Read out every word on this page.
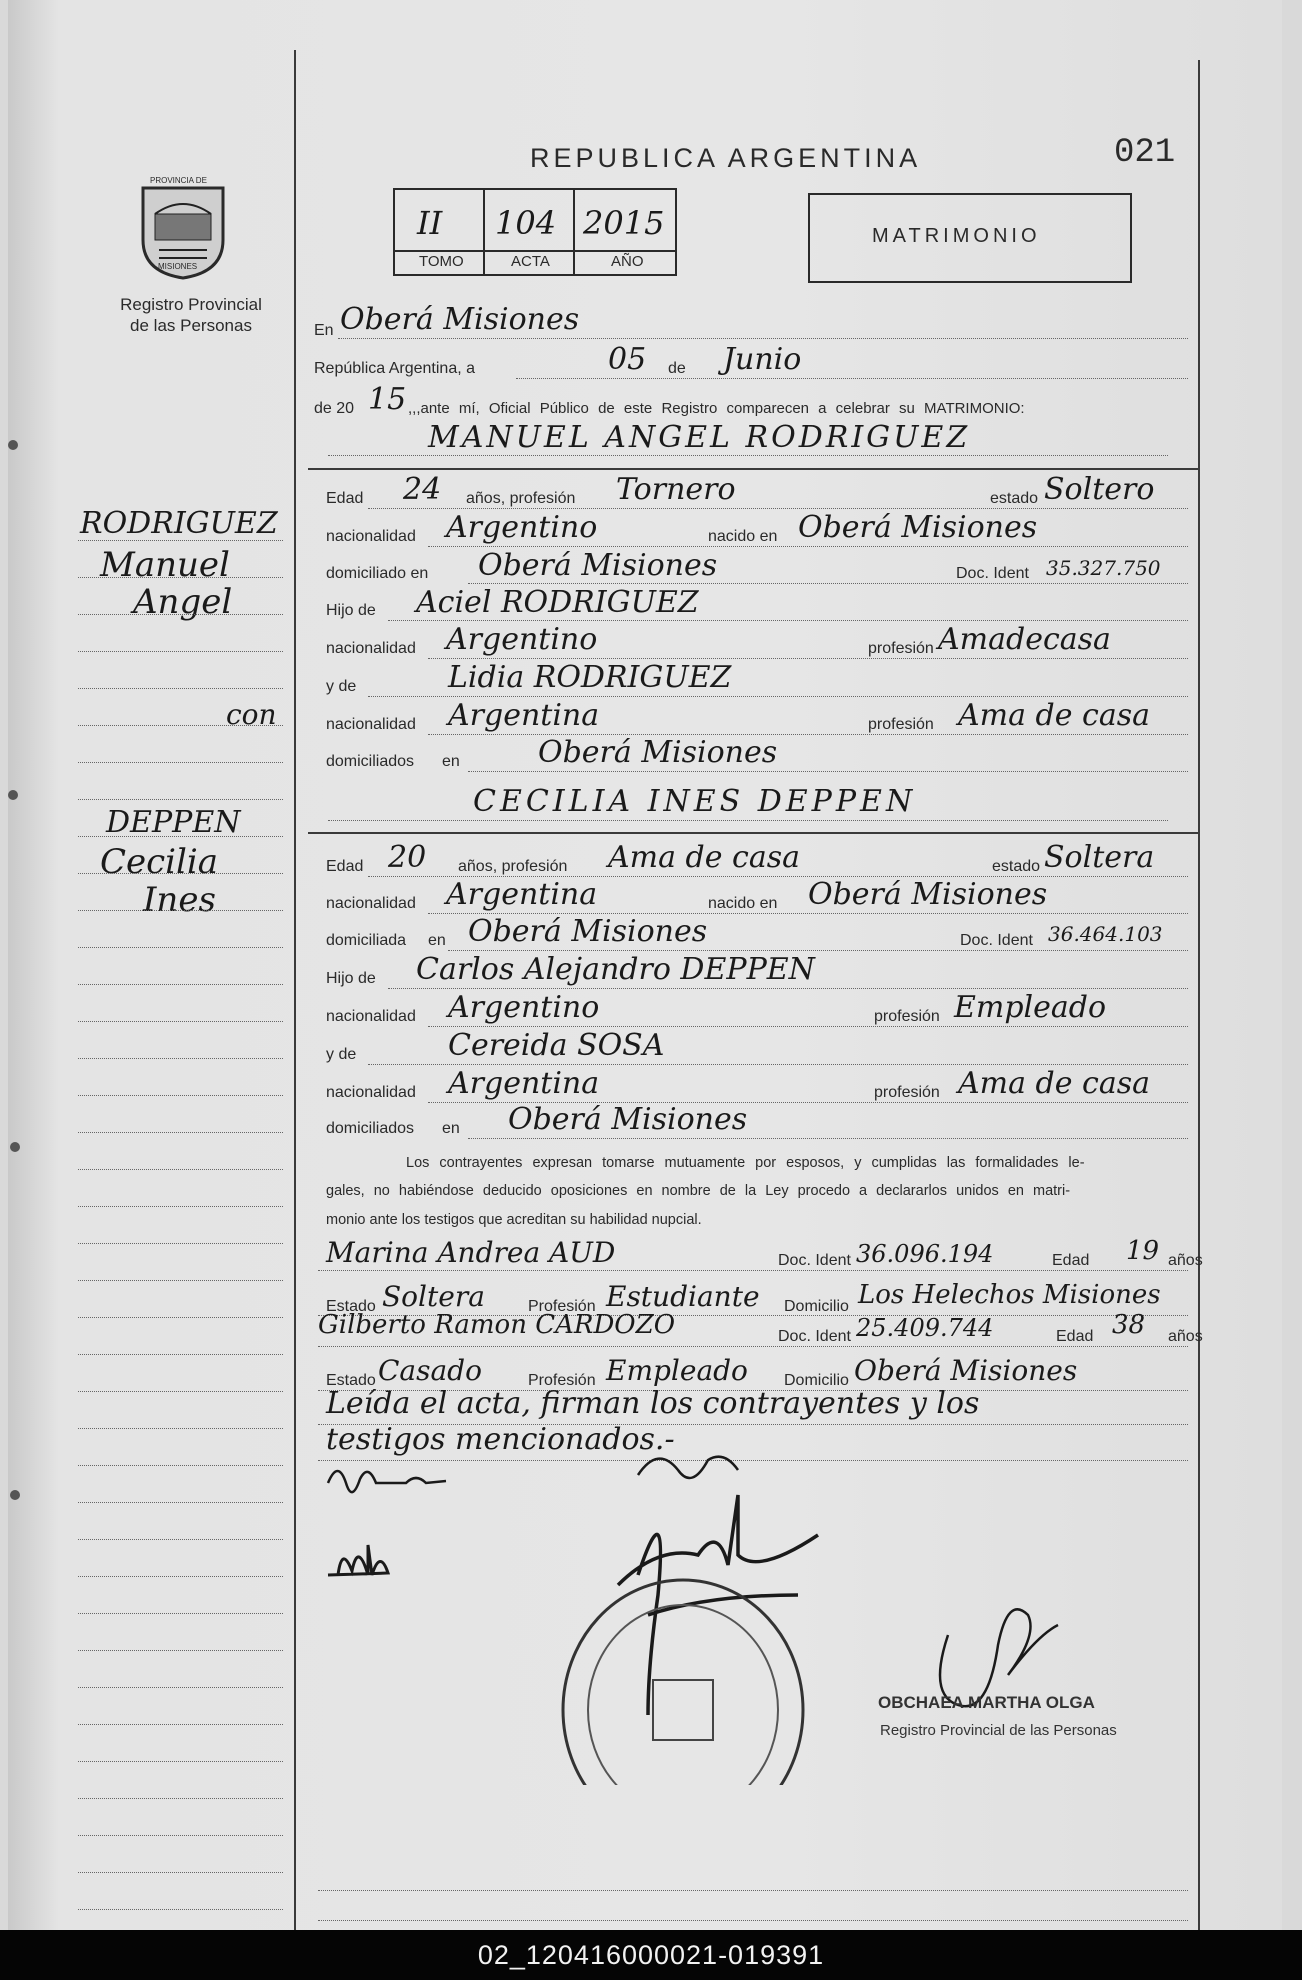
PROVINCIA DE
MISIONES
Registro Provincial
de las Personas
REPUBLICA ARGENTINA	021
II 104 2015
TOMO	ACTA	AÑO
MATRIMONIO
En Oberá Misiones
República Argentina, a	05 de Junio
de 20 15 ,,,ante mí, Oficial Público de este Registro comparecen a celebrar su MATRIMONIO:
MANUEL ANGEL RODRIGUEZ
Edad 24 años, profesión Tornero	estado Soltero
nacionalidad Argentino	nacido en Oberá Misiones
domiciliado en Oberá Misiones	Doc. Ident 35.327.750
Hijo de Aciel RODRIGUEZ
nacionalidad Argentino	profesión Amadecasa
y de	Lidia RODRIGUEZ
nacionalidad Argentina	profesión Ama de casa
domiciliados en	Oberá Misiones
CECILIA INES DEPPEN
Edad 20 años, profesión Ama de casa	estado Soltera
nacionalidad Argentina	nacido en Oberá Misiones
domiciliada en Oberá Misiones	Doc. Ident 36.464.103
Hijo de Carlos Alejandro DEPPEN
nacionalidad Argentino	profesión Empleado
y de	Cereida SOSA
nacionalidad Argentina	profesión Ama de casa
domiciliados en Oberá Misiones
Los contrayentes expresan tomarse mutuamente por esposos, y cumplidas las formalidades le-
gales, no habiéndose deducido oposiciones en nombre de la Ley procedo a declararlos unidos en matri-
monio ante los testigos que acreditan su habilidad nupcial.
Marina Andrea AUD	Doc. Ident 36.096.194	Edad 19 años
Estado Soltera	Profesión Estudiante Domicilio Los Helechos Misiones
Gilberto Ramon CARDOZO	Doc. Ident 25.409.744	Edad 38 años
Estado Casado	Profesión Empleado Domicilio Oberá Misiones
Leída el acta, firman los contrayentes y los
testigos mencionados.-
OBCHAEA MARTHA OLGA
Registro Provincial de las Personas
RODRIGUEZ
Manuel
Angel
con
DEPPEN
Cecilia
Ines
02_120416000021-019391
